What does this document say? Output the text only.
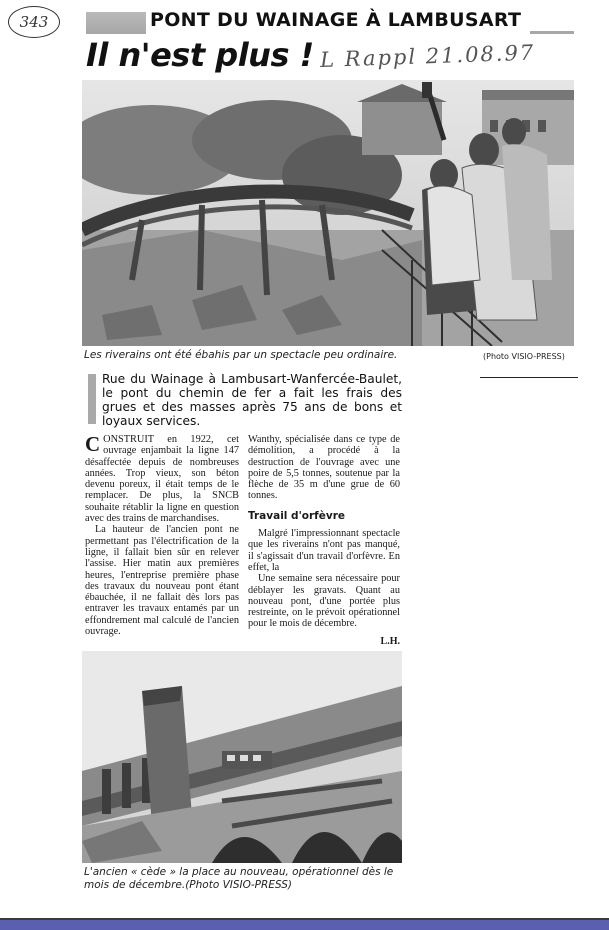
343
L Rappl 21.08.97
PONT DU WAINAGE À LAMBUSART
Il n'est plus !
Les riverains ont été ébahis par un spectacle peu ordinaire.	(Photo VISIO-PRESS)
Rue du Wainage à Lambusart-Wanfercée-Baulet, le pont du chemin de fer a fait les frais des grues et des masses après 75 ans de bons et loyaux services.

CONSTRUIT en 1922, cet ouvrage enjambait la ligne 147 désaffectée depuis de nombreuses années. Trop vieux, son béton devenu poreux, il était temps de le remplacer. De plus, la SNCB souhaite rétablir la ligne en question avec des trains de marchandises.

La hauteur de l'ancien pont ne permettant pas l'électrification de la ligne, il fallait bien sûr en relever l'assise. Hier matin aux premières heures, l'entreprise première phase des travaux du nouveau pont étant ébauchée, il ne fallait dès lors pas entraver les travaux entamés par un effondrement mal calculé de l'ancien ouvrage.

Wanthy, spécialisée dans ce type de démolition, a procédé à la destruction de l'ouvrage avec une poire de 5,5 tonnes, soutenue par la flèche de 35 m d'une grue de 60 tonnes.

Travail d'orfèvre

Malgré l'impressionnant spectacle que les riverains n'ont pas manqué, il s'agissait d'un travail d'orfèvre. En effet, la

Une semaine sera nécessaire pour déblayer les gravats. Quant au nouveau pont, d'une portée plus restreinte, on le prévoit opérationnel pour le mois de décembre.

L.H.
L'ancien « cède » la place au nouveau, opérationnel dès le mois de décembre.(Photo VISIO-PRESS)
